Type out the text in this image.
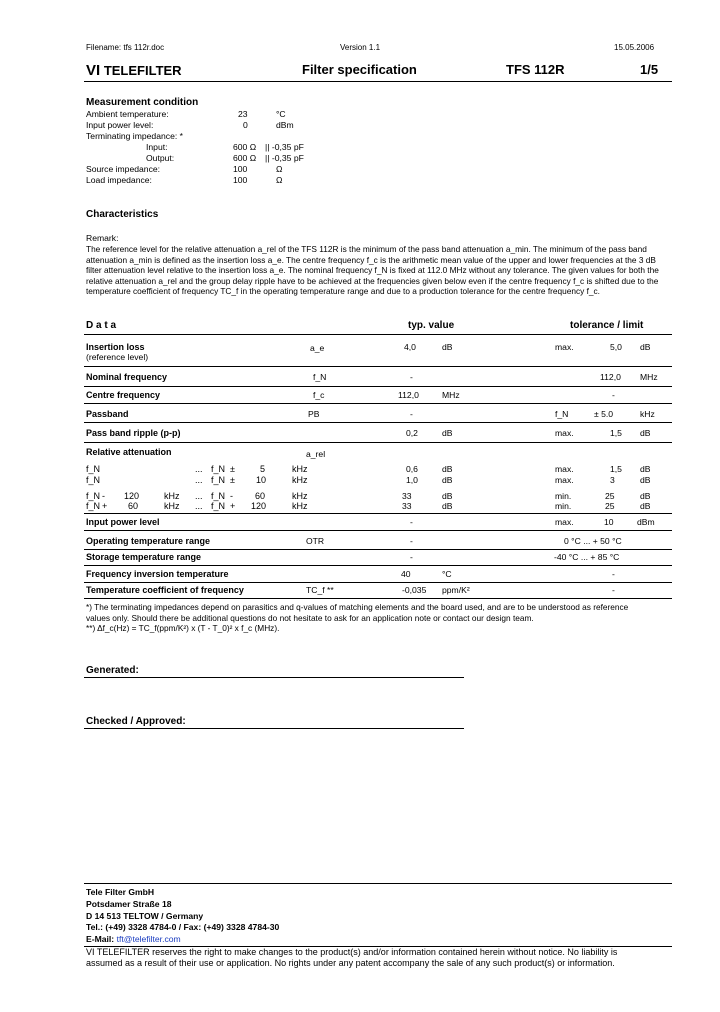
Filename: tfs 112r.doc	Version 1.1	15.05.2006
VI TELEFILTER	Filter specification	TFS 112R	1/5
Measurement condition
Ambient temperature:	23	°C
Input power level:	0	dBm
Terminating impedance: *
Input:	600 Ω || -0,35 pF
Output:	600 Ω || -0,35 pF
Source impedance:	100	Ω
Load impedance:	100	Ω
Characteristics
Remark:
The reference level for the relative attenuation a_rel of the TFS 112R is the minimum of the pass band attenuation a_min. The minimum of the pass band
attenuation a_min is defined as the insertion loss a_e. The centre frequency f_c is the arithmetic mean value of the upper and lower frequencies at the 3 dB
filter attenuation level relative to the insertion loss a_e. The nominal frequency f_N is fixed at 112.0 MHz without any tolerance. The given values for both the
relative attenuation a_rel and the group delay ripple have to be achieved at the frequencies given below even if the centre frequency f_c is shifted due to the
temperature coefficient of frequency TC_f in the operating temperature range and due to a production tolerance for the centre frequency f_c.
D a t a	typ. value	tolerance / limit
Insertion loss
(reference level)
a_e	4,0	dB	max.	5,0 dB
Nominal frequency	f_N	-	112,0 MHz
Centre frequency	f_c	112,0	MHz	-
Passband	PB	-	f_N	± 5.0	kHz
Pass band ripple (p-p)	0,2	dB	max.	1,5 dB
Relative attenuation	a_rel
f_N	... f_N ±	5	kHz	0,6	dB	max.	1,5 dB
f_N	... f_N ± 10	kHz	1,0	dB	max.	3	dB
f_N - 120	kHz ... f_N - 60	kHz	33	dB	min.	25	dB
f_N + 60	kHz ... f_N + 120	kHz	33	dB	min.	25	dB
Input power level	-	max.	10	dBm
Operating temperature range	OTR	-	0 °C ... + 50 °C
Storage temperature range	-	-40 °C ... + 85 °C
Frequency inversion temperature	40	°C	-
Temperature coefficient of frequency	TC_f **	-0,035 ppm/K²	-
*) The terminating impedances depend on parasitics and q-values of matching elements and the board used, and are to be understood as reference
values only. Should there be additional questions do not hesitate to ask for an application note or contact our design team.
**) Δf_c(Hz) = TC_f(ppm/K²) x (T - T_0)² x f_c (MHz).
Generated:
Checked / Approved:
Tele Filter GmbH
Potsdamer Straße 18
D 14 513 TELTOW / Germany
Tel.: (+49) 3328 4784-0 / Fax: (+49) 3328 4784-30
E-Mail: tft@telefilter.com
VI TELEFILTER reserves the right to make changes to the product(s) and/or information contained herein without notice. No liability is
assumed as a result of their use or application. No rights under any patent accompany the sale of any such product(s) or information.
